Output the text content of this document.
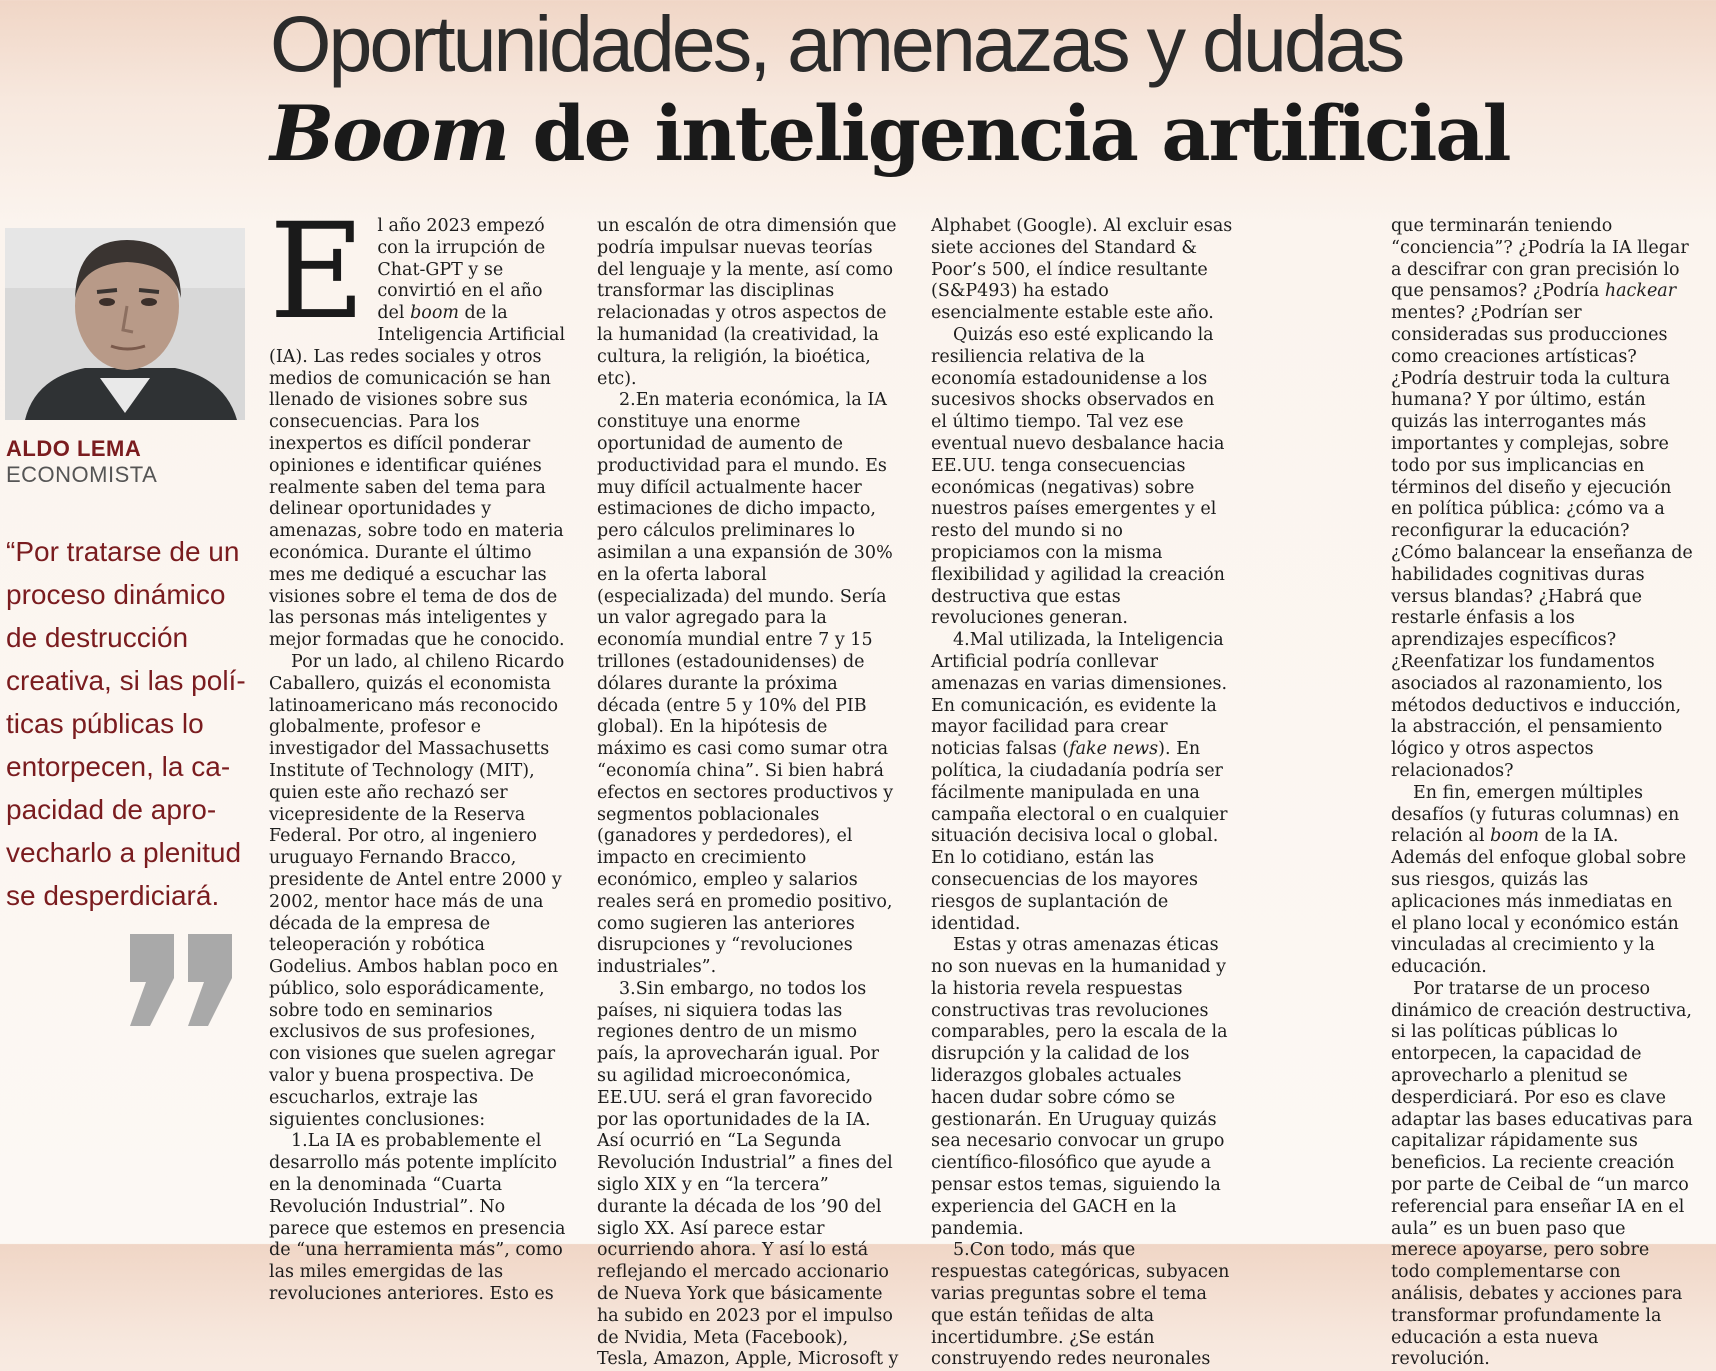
Oportunidades, amenazas y dudas
Boom de inteligencia artificial
ALDO LEMA
ECONOMISTA

“Por tratarse de un proceso dinámico de destrucción creativa, si las políticas públicas lo entorpecen, la capacidad de aprovecharlo a plenitud se desperdiciará.

El año 2023 empezó con la irrupción de Chat-GPT y se convirtió en el año del boom de la Inteligencia Artificial (IA). Las redes sociales y otros medios de comunicación se han llenado de visiones sobre sus consecuencias. Para los inexpertos es difícil ponderar opiniones e identificar quiénes realmente saben del tema para delinear oportunidades y amenazas, sobre todo en materia económica. Durante el último mes me dediqué a escuchar las visiones sobre el tema de dos de las personas más inteligentes y mejor formadas que he conocido.

Por un lado, al chileno Ricardo Caballero, quizás el economista latinoamericano más reconocido globalmente, profesor e investigador del Massachusetts Institute of Technology (MIT), quien este año rechazó ser vicepresidente de la Reserva Federal. Por otro, al ingeniero uruguayo Fernando Bracco, presidente de Antel entre 2000 y 2002, mentor hace más de una década de la empresa de teleoperación y robótica Godelius. Ambos hablan poco en público, solo esporádicamente, sobre todo en seminarios exclusivos de sus profesiones, con visiones que suelen agregar valor y buena prospectiva. De escucharlos, extraje las siguientes conclusiones:

1.La IA es probablemente el desarrollo más potente implícito en la denominada “Cuarta Revolución Industrial”. No parece que estemos en presencia de “una herramienta más”, como las miles emergidas de las revoluciones anteriores. Esto es

un escalón de otra dimensión que podría impulsar nuevas teorías del lenguaje y la mente, así como transformar las disciplinas relacionadas y otros aspectos de la humanidad (la creatividad, la cultura, la religión, la bioética, etc).

2.En materia económica, la IA constituye una enorme oportunidad de aumento de productividad para el mundo. Es muy difícil actualmente hacer estimaciones de dicho impacto, pero cálculos preliminares lo asimilan a una expansión de 30% en la oferta laboral (especializada) del mundo. Sería un valor agregado para la economía mundial entre 7 y 15 trillones (estadounidenses) de dólares durante la próxima década (entre 5 y 10% del PIB global). En la hipótesis de máximo es casi como sumar otra “economía china”. Si bien habrá efectos en sectores productivos y segmentos poblacionales (ganadores y perdedores), el impacto en crecimiento económico, empleo y salarios reales será en promedio positivo, como sugieren las anteriores disrupciones y “revoluciones industriales”.

3.Sin embargo, no todos los países, ni siquiera todas las regiones dentro de un mismo país, la aprovecharán igual. Por su agilidad microeconómica, EE.UU. será el gran favorecido por las oportunidades de la IA. Así ocurrió en “La Segunda Revolución Industrial” a fines del siglo XIX y en “la tercera” durante la década de los ’90 del siglo XX. Así parece estar ocurriendo ahora. Y así lo está reflejando el mercado accionario de Nueva York que básicamente ha subido en 2023 por el impulso de Nvidia, Meta (Facebook), Tesla, Amazon, Apple, Microsoft y

Alphabet (Google). Al excluir esas siete acciones del Standard & Poor’s 500, el índice resultante (S&P493) ha estado esencialmente estable este año.

Quizás eso esté explicando la resiliencia relativa de la economía estadounidense a los sucesivos shocks observados en el último tiempo. Tal vez ese eventual nuevo desbalance hacia EE.UU. tenga consecuencias económicas (negativas) sobre nuestros países emergentes y el resto del mundo si no propiciamos con la misma flexibilidad y agilidad la creación destructiva que estas revoluciones generan.

4.Mal utilizada, la Inteligencia Artificial podría conllevar amenazas en varias dimensiones. En comunicación, es evidente la mayor facilidad para crear noticias falsas (fake news). En política, la ciudadanía podría ser fácilmente manipulada en una campaña electoral o en cualquier situación decisiva local o global. En lo cotidiano, están las consecuencias de los mayores riesgos de suplantación de identidad.

Estas y otras amenazas éticas no son nuevas en la humanidad y la historia revela respuestas constructivas tras revoluciones comparables, pero la escala de la disrupción y la calidad de los liderazgos globales actuales hacen dudar sobre cómo se gestionarán. En Uruguay quizás sea necesario convocar un grupo científico-filosófico que ayude a pensar estos temas, siguiendo la experiencia del GACH en la pandemia.

5.Con todo, más que respuestas categóricas, subyacen varias preguntas sobre el tema que están teñidas de alta incertidumbre. ¿Se están construyendo redes neuronales

que terminarán teniendo “conciencia”? ¿Podría la IA llegar a descifrar con gran precisión lo que pensamos? ¿Podría hackear mentes? ¿Podrían ser consideradas sus producciones como creaciones artísticas? ¿Podría destruir toda la cultura humana? Y por último, están quizás las interrogantes más importantes y complejas, sobre todo por sus implicancias en términos del diseño y ejecución en política pública: ¿cómo va a reconfigurar la educación? ¿Cómo balancear la enseñanza de habilidades cognitivas duras versus blandas? ¿Habrá que restarle énfasis a los aprendizajes específicos? ¿Reenfatizar los fundamentos asociados al razonamiento, los métodos deductivos e inducción, la abstracción, el pensamiento lógico y otros aspectos relacionados?

En fin, emergen múltiples desafíos (y futuras columnas) en relación al boom de la IA. Además del enfoque global sobre sus riesgos, quizás las aplicaciones más inmediatas en el plano local y económico están vinculadas al crecimiento y la educación.

Por tratarse de un proceso dinámico de creación destructiva, si las políticas públicas lo entorpecen, la capacidad de aprovecharlo a plenitud se desperdiciará. Por eso es clave adaptar las bases educativas para capitalizar rápidamente sus beneficios. La reciente creación por parte de Ceibal de “un marco referencial para enseñar IA en el aula” es un buen paso que merece apoyarse, pero sobre todo complementarse con análisis, debates y acciones para transformar profundamente la educación a esta nueva revolución.
